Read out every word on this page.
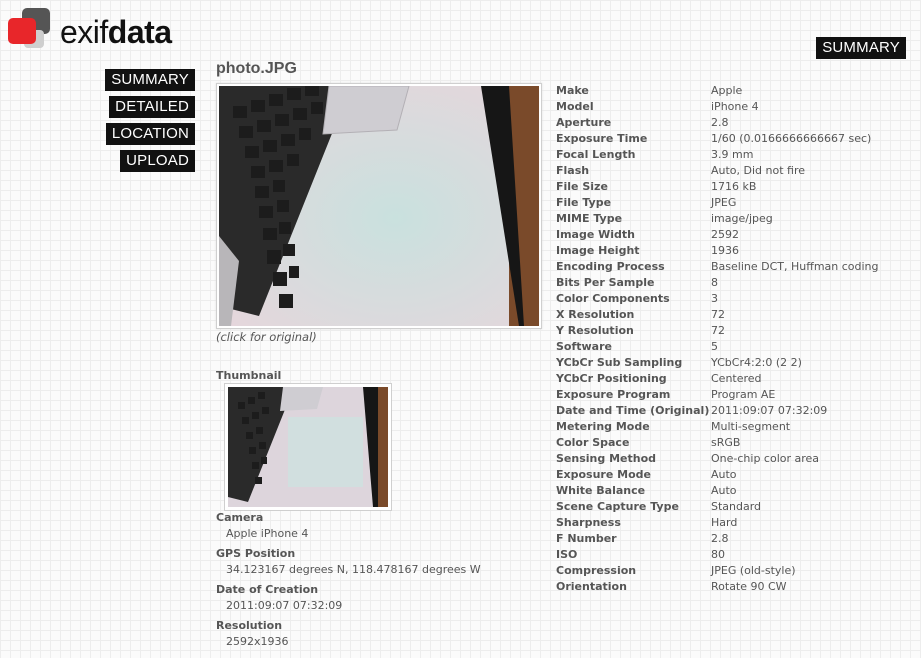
exifdata	SUMMARY
SUMMARY
DETAILED
LOCATION
UPLOAD
photo.JPG
(click for original)
Thumbnail
Camera
Apple iPhone 4
GPS Position
34.123167 degrees N, 118.478167 degrees W
Date of Creation
2011:09:07 07:32:09
Resolution
2592x1936
Make	Apple
Model	iPhone 4
Aperture	2.8
Exposure Time	1/60 (0.0166666666667 sec)
Focal Length	3.9 mm
Flash	Auto, Did not fire
File Size	1716 kB
File Type	JPEG
MIME Type	image/jpeg
Image Width	2592
Image Height	1936
Encoding Process	Baseline DCT, Huffman coding
Bits Per Sample	8
Color Components	3
X Resolution	72
Y Resolution	72
Software	5
YCbCr Sub Sampling	YCbCr4:2:0 (2 2)
YCbCr Positioning	Centered
Exposure Program	Program AE
Date and Time (Original) 2011:09:07 07:32:09
Metering Mode	Multi-segment
Color Space	sRGB
Sensing Method	One-chip color area
Exposure Mode	Auto
White Balance	Auto
Scene Capture Type	Standard
Sharpness	Hard
F Number	2.8
ISO	80
Compression	JPEG (old-style)
Orientation	Rotate 90 CW
